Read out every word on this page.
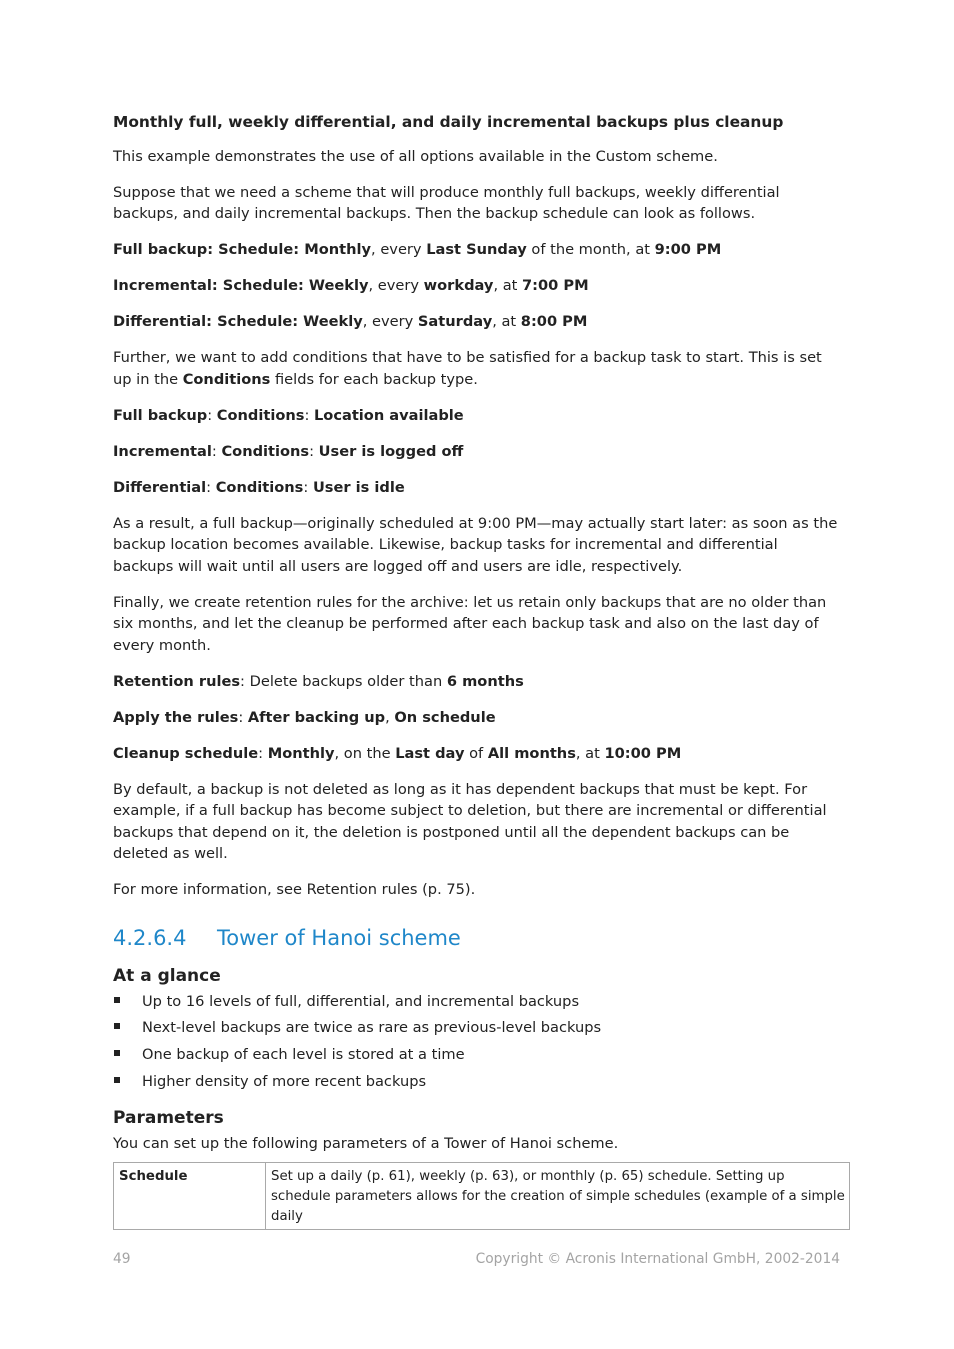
Monthly full, weekly differential, and daily incremental backups plus cleanup

This example demonstrates the use of all options available in the Custom scheme.

Suppose that we need a scheme that will produce monthly full backups, weekly differential backups, and daily incremental backups. Then the backup schedule can look as follows.

Full backup: Schedule: Monthly, every Last Sunday of the month, at 9:00 PM

Incremental: Schedule: Weekly, every workday, at 7:00 PM

Differential: Schedule: Weekly, every Saturday, at 8:00 PM

Further, we want to add conditions that have to be satisfied for a backup task to start. This is set up in the Conditions fields for each backup type.

Full backup: Conditions: Location available

Incremental: Conditions: User is logged off

Differential: Conditions: User is idle

As a result, a full backup—originally scheduled at 9:00 PM—may actually start later: as soon as the backup location becomes available. Likewise, backup tasks for incremental and differential backups will wait until all users are logged off and users are idle, respectively.

Finally, we create retention rules for the archive: let us retain only backups that are no older than six months, and let the cleanup be performed after each backup task and also on the last day of every month.

Retention rules: Delete backups older than 6 months

Apply the rules: After backing up, On schedule

Cleanup schedule: Monthly, on the Last day of All months, at 10:00 PM

By default, a backup is not deleted as long as it has dependent backups that must be kept. For example, if a full backup has become subject to deletion, but there are incremental or differential backups that depend on it, the deletion is postponed until all the dependent backups can be deleted as well.

For more information, see Retention rules (p. 75).

4.2.6.4 Tower of Hanoi scheme
At a glance
Up to 16 levels of full, differential, and incremental backups
Next-level backups are twice as rare as previous-level backups
One backup of each level is stored at a time
Higher density of more recent backups
Parameters

You can set up the following parameters of a Tower of Hanoi scheme.

Schedule	Set up a daily (p. 61), weekly (p. 63), or monthly (p. 65) schedule. Setting up schedule parameters allows for the creation of simple schedules (example of a simple daily
49	Copyright © Acronis International GmbH, 2002-2014
